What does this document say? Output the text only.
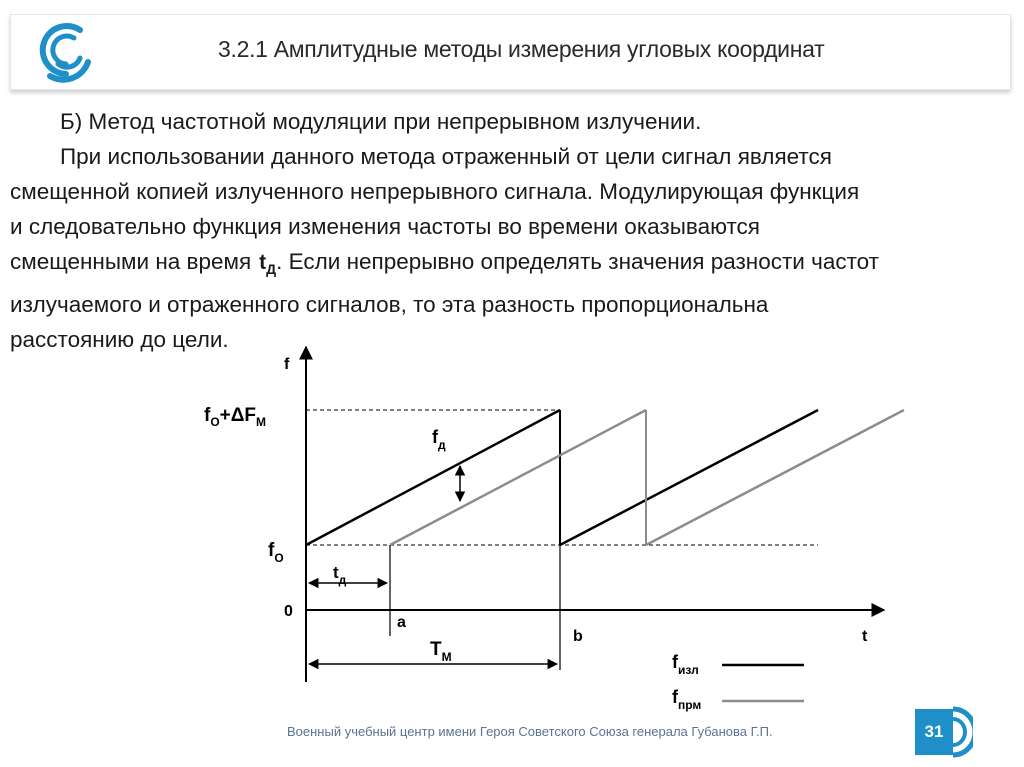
3.2.1 Амплитудные методы измерения угловых координат

Б) Метод частотной модуляции при непрерывном излучении.

При использовании данного метода отраженный от цели сигнал является

смещенной копией излученного непрерывного сигнала. Модулирующая функция

и следовательно функция изменения частоты во времени оказываются

смещенными на время $t_Д$. Если непрерывно определять значения разности частот

излучаемого и отраженного сигналов, то эта разность пропорциональна

расстоянию до цели.

f
t
0
$f_O+\Delta F_M$
$f_O$
$f_д$
$t_д$
a
b
$T_M$	$f_{изл}$
$f_{прм}$
Военный учебный центр имени Героя Советского Союза генерала Губанова Г.П.	31
